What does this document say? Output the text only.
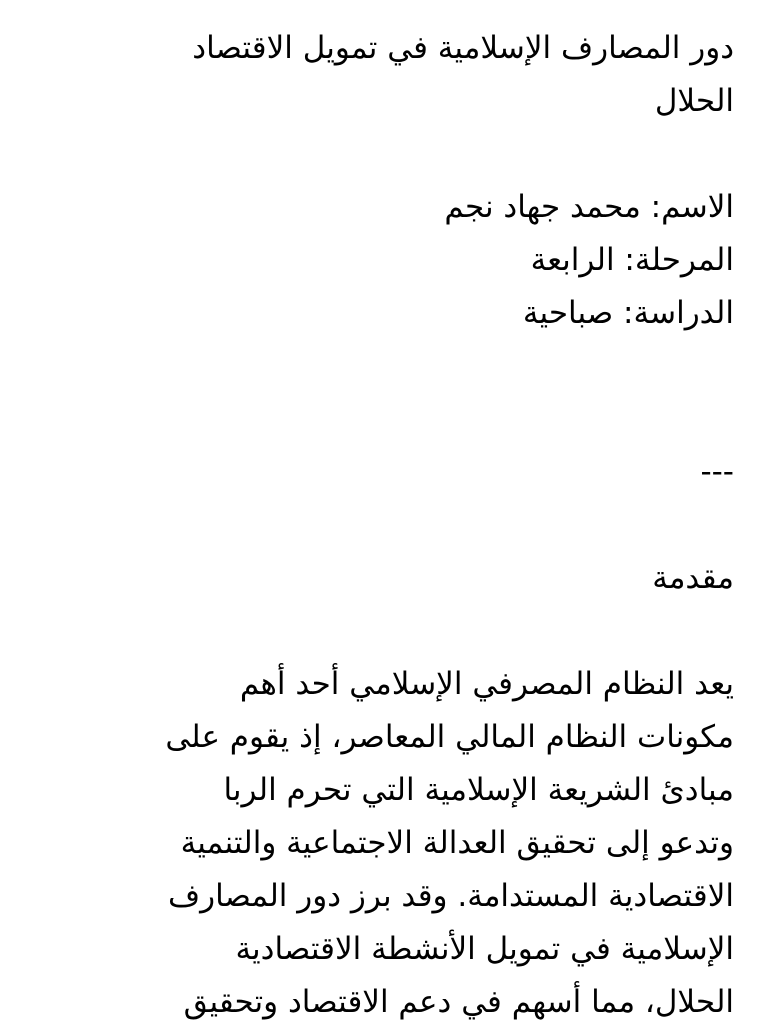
دور المصارف الإسلامية في تمويل الاقتصاد

الحلال

الاسم: محمد جهاد نجم

المرحلة: الرابعة

الدراسة: صباحية

---

مقدمة

يعد النظام المصرفي الإسلامي أحد أهم

مكونات النظام المالي المعاصر، إذ يقوم على

مبادئ الشريعة الإسلامية التي تحرم الربا

وتدعو إلى تحقيق العدالة الاجتماعية والتنمية

الاقتصادية المستدامة. وقد برز دور المصارف

الإسلامية في تمويل الأنشطة الاقتصادية

الحلال، مما أسهم في دعم الاقتصاد وتحقيق
